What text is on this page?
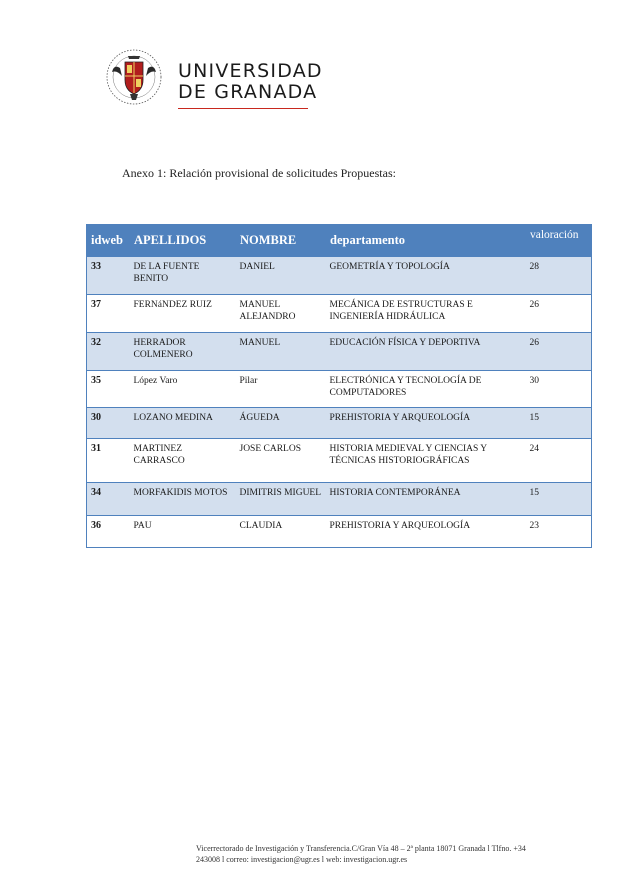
UNIVERSIDAD
DE GRANADA
Anexo 1: Relación provisional de solicitudes Propuestas:
idweb	APELLIDOS	NOMBRE	departamento	valoración
33	DE LA FUENTE BENITO	DANIEL	GEOMETRÍA Y TOPOLOGÍA	28
37	FERNáNDEZ RUIZ	MANUEL ALEJANDRO	MECÁNICA DE ESTRUCTURAS E INGENIERÍA HIDRÁULICA	26
32	HERRADOR COLMENERO	MANUEL	EDUCACIÓN FÍSICA Y DEPORTIVA	26
35	López Varo	Pilar	ELECTRÓNICA Y TECNOLOGÍA DE COMPUTADORES	30
30	LOZANO MEDINA	ÁGUEDA	PREHISTORIA Y ARQUEOLOGÍA	15
31	MARTINEZ CARRASCO	JOSE CARLOS	HISTORIA MEDIEVAL Y CIENCIAS Y TÉCNICAS HISTORIOGRÁFICAS	24
34	MORFAKIDIS MOTOS	DIMITRIS MIGUEL	HISTORIA CONTEMPORÁNEA	15
36	PAU	CLAUDIA	PREHISTORIA Y ARQUEOLOGÍA	23
Vicerrectorado de Investigación y Transferencia.C/Gran Vía 48 – 2ª planta 18071 Granada l Tlfno. +34
243008 l correo: investigacion@ugr.es l web: investigacion.ugr.es
